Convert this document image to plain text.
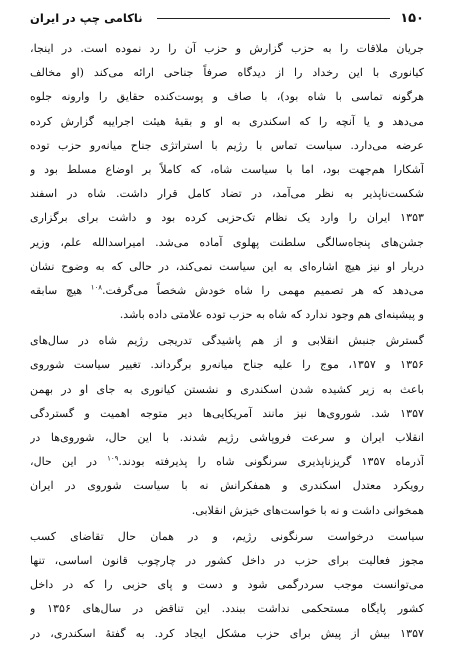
۱۵۰
ناکامی چپ در ایران
جریان ملاقات را به حزب گزارش و حزب آن را رد نموده است. در اینجا،
کیانوری با این رخداد را از دیدگاه صرفاً جناحی ارائه می‌کند (او مخالف
هرگونه تماسی با شاه بود)، با صاف و پوست‌کنده حقایق را وارونه جلوه
می‌دهد و یا آنچه را که اسکندری به او و بقیهٔ هیئت اجراییه گزارش کرده
عرضه می‌دارد. سیاست تماس با رژیم با استراتژی جناح میانه‌رو حزب توده
آشکارا هم‌جهت بود، اما با سیاست شاه، که کاملاً بر اوضاع مسلط بود و
شکست‌ناپذیر به نظر می‌آمد، در تضاد کامل قرار داشت. شاه در اسفند
۱۳۵۳ ایران را وارد یک نظام تک‌حزبی کرده بود و داشت برای برگزاری
جشن‌های پنجاه‌سالگی سلطنت پهلوی آماده می‌شد. امیراسدالله علم، وزیر
دربار او نیز هیچ اشاره‌ای به این سیاست نمی‌کند، در حالی که به وضوح نشان
می‌دهد که هر تصمیم مهمی را شاه خودش شخصاً می‌گرفت.$^{۱۰۸}$ هیچ سابقه
و پیشینه‌ای هم وجود ندارد که شاه به حزب توده علامتی داده باشد.
گسترش جنبش انقلابی و از هم پاشیدگی تدریجی رژیم شاه در سال‌های
۱۳۵۶ و ۱۳۵۷، موج را علیه جناح میانه‌رو برگرداند. تغییر سیاست شوروی
باعث به زیر کشیده شدن اسکندری و نشستن کیانوری به جای او در بهمن
۱۳۵۷ شد. شوروی‌ها نیز مانند آمریکایی‌ها دیر متوجه اهمیت و گستردگی
انقلاب ایران و سرعت فروپاشی رژیم شدند. با این حال، شوروی‌ها در
آذرماه ۱۳۵۷ گریزناپذیری سرنگونی شاه را پذیرفته بودند.$^{۱۰۹}$ در این حال،
رویکرد معتدل اسکندری و همفکرانش نه با سیاست شوروی در ایران
همخوانی داشت و نه با خواست‌های خیزش انقلابی.
سیاست درخواست سرنگونی رژیم، و در همان حال تقاضای کسب
مجوز فعالیت برای حزب در داخل کشور در چارچوب قانون اساسی، تنها
می‌توانست موجب سردرگمی شود و دست و پای حزبی را که در داخل
کشور پایگاه مستحکمی نداشت ببندد. این تناقض در سال‌های ۱۳۵۶ و
۱۳۵۷ بیش از پیش برای حزب مشکل ایجاد کرد. به گفتهٔ اسکندری، در
